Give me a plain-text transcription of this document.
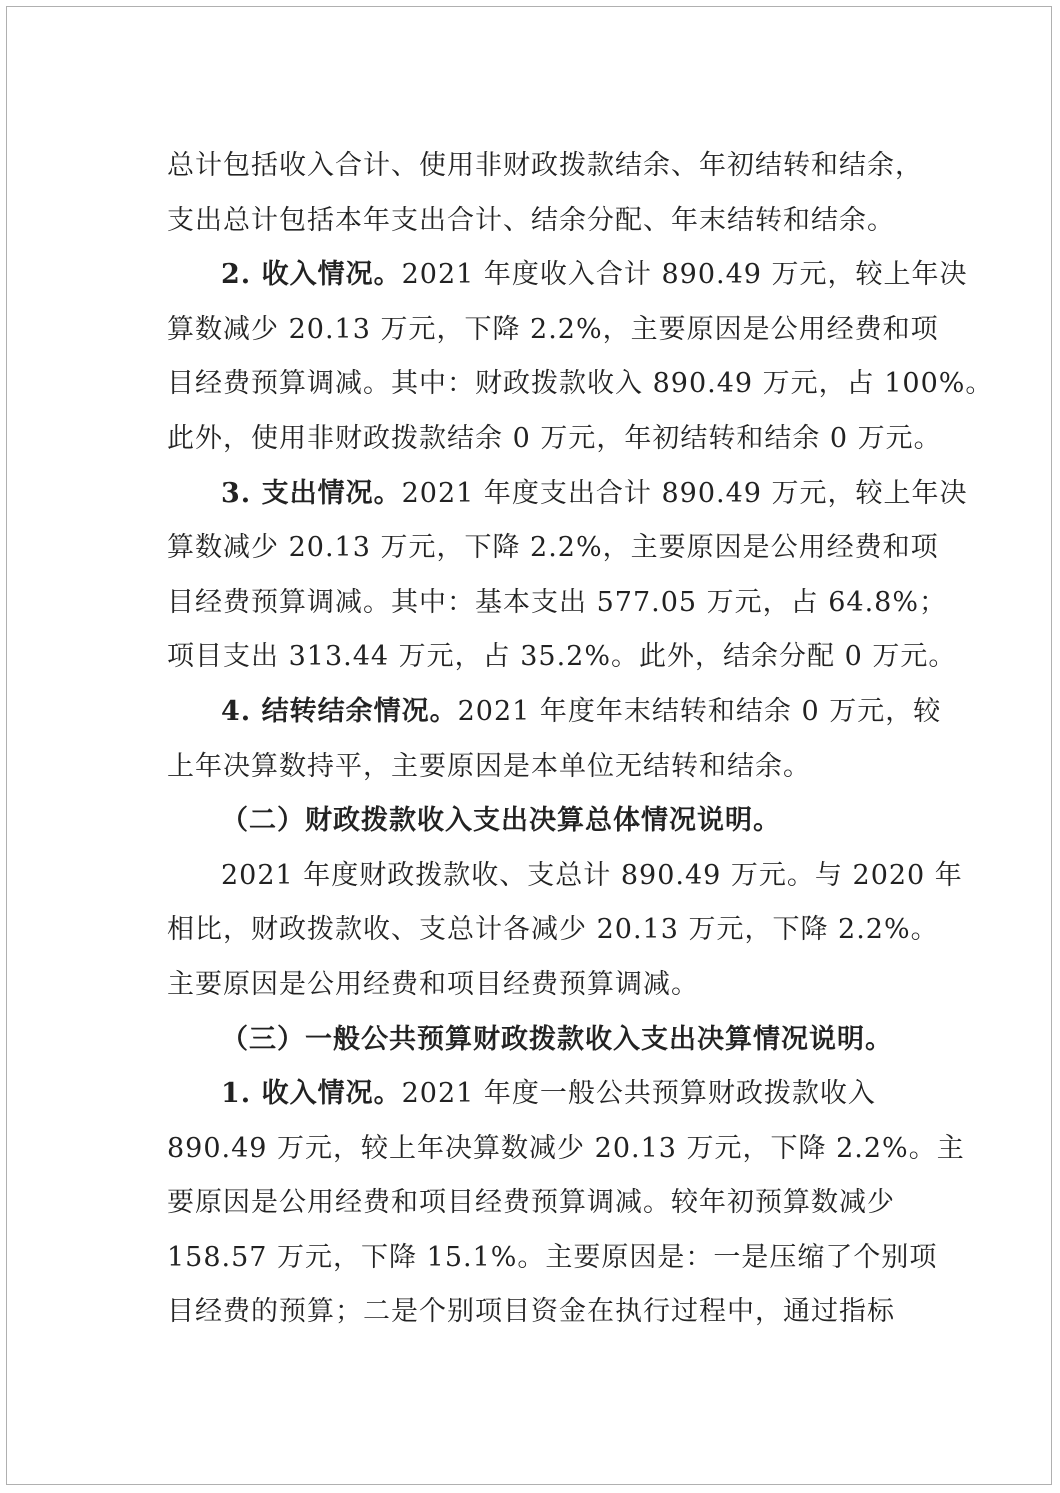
总计包括收入合计、使用非财政拨款结余、年初结转和结余，
支出总计包括本年支出合计、结余分配、年末结转和结余。
2. 收入情况。2021 年度收入合计 890.49 万元，较上年决
算数减少 20.13 万元，下降 2.2%，主要原因是公用经费和项
目经费预算调减。其中：财政拨款收入 890.49 万元，占 100%。
此外，使用非财政拨款结余 0 万元，年初结转和结余 0 万元。
3. 支出情况。2021 年度支出合计 890.49 万元，较上年决
算数减少 20.13 万元，下降 2.2%，主要原因是公用经费和项
目经费预算调减。其中：基本支出 577.05 万元，占 64.8%；
项目支出 313.44 万元，占 35.2%。此外，结余分配 0 万元。
4. 结转结余情况。2021 年度年末结转和结余 0 万元，较
上年决算数持平，主要原因是本单位无结转和结余。
（二）财政拨款收入支出决算总体情况说明。
2021 年度财政拨款收、支总计 890.49 万元。与 2020 年
相比，财政拨款收、支总计各减少 20.13 万元，下降 2.2%。
主要原因是公用经费和项目经费预算调减。
（三）一般公共预算财政拨款收入支出决算情况说明。
1. 收入情况。2021 年度一般公共预算财政拨款收入
890.49 万元，较上年决算数减少 20.13 万元，下降 2.2%。主
要原因是公用经费和项目经费预算调减。较年初预算数减少
158.57 万元，下降 15.1%。主要原因是：一是压缩了个别项
目经费的预算；二是个别项目资金在执行过程中，通过指标
